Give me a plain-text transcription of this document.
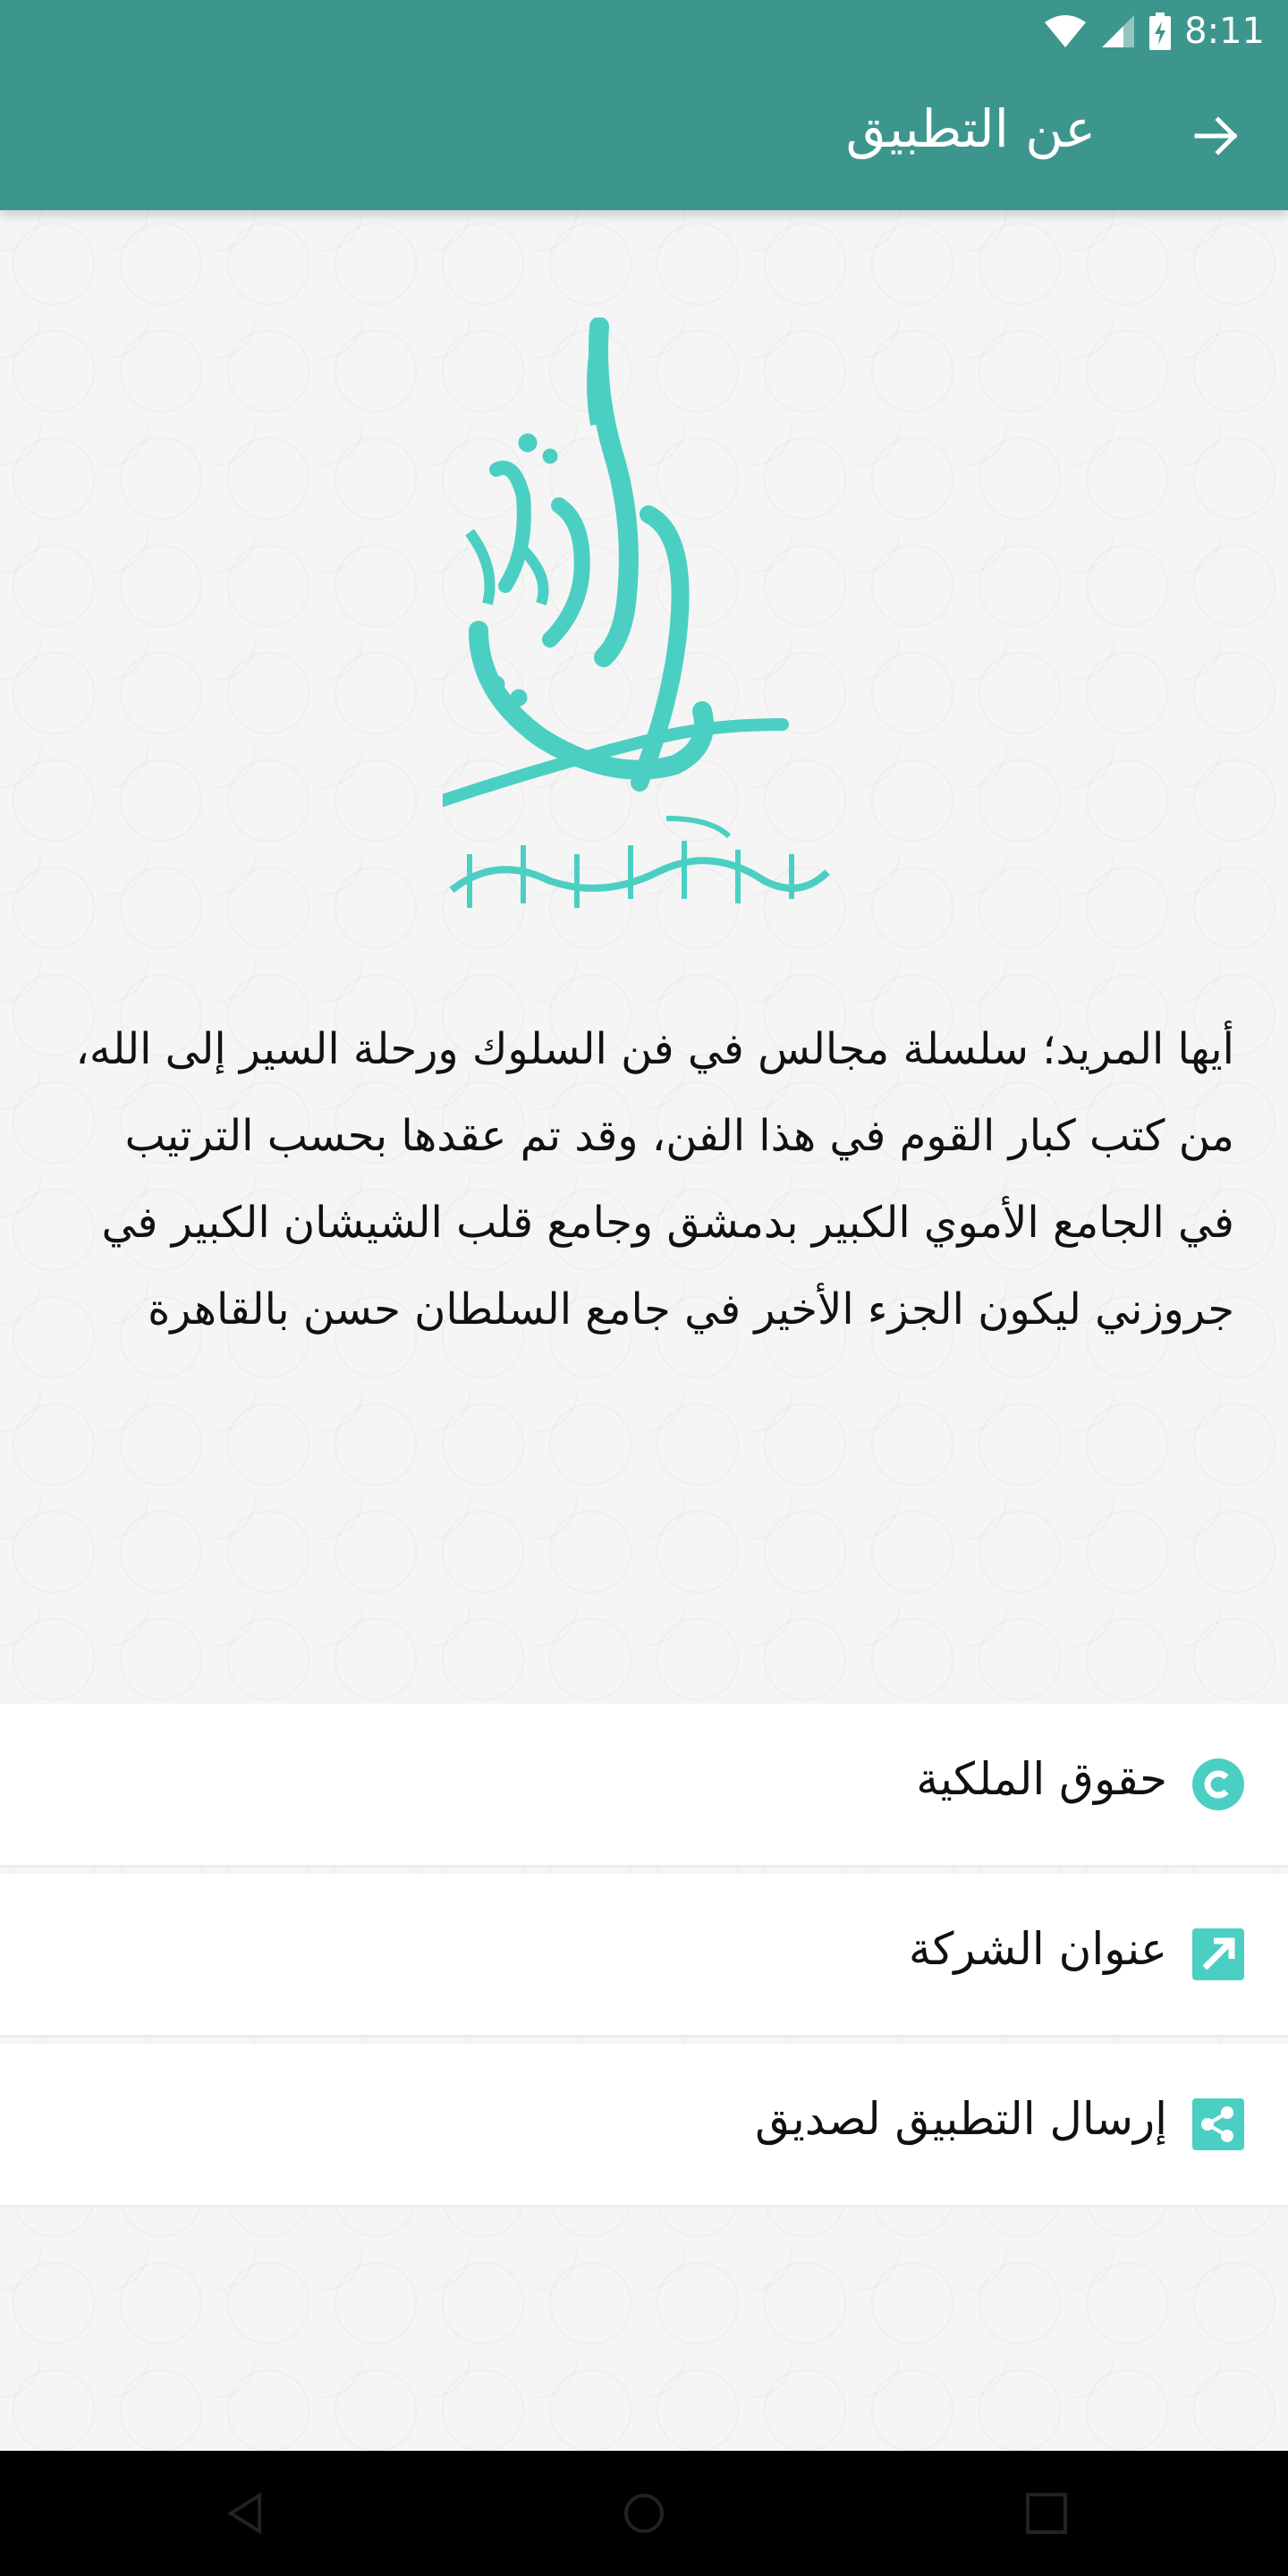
8:11
عن التطبيق
أيها المريد؛ سلسلة مجالس في فن السلوك ورحلة السير إلى الله، من كتب كبار القوم في هذا الفن، وقد تم عقدها بحسب الترتيب في الجامع الأموي الكبير بدمشق وجامع قلب الشيشان الكبير في جروزني ليكون الجزء الأخير في جامع السلطان حسن بالقاهرة
حقوق الملكية
عنوان الشركة
إرسال التطبيق لصديق
